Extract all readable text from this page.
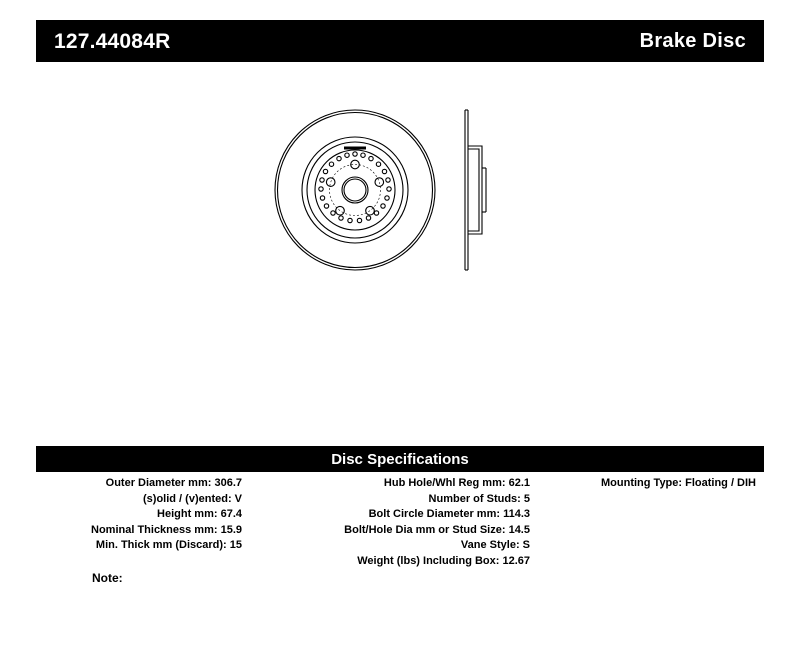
127.44084R	Brake Disc
Disc Specifications
Outer Diameter mm: 306.7
(s)olid / (v)ented: V
Height mm: 67.4
Nominal Thickness mm: 15.9
Min. Thick mm (Discard): 15
Hub Hole/Whl Reg mm: 62.1
Number of Studs: 5
Bolt Circle Diameter mm: 114.3
Bolt/Hole Dia mm or Stud Size: 14.5
Vane Style: S
Weight (lbs) Including Box: 12.67
Mounting Type: Floating / DIH
Note:
